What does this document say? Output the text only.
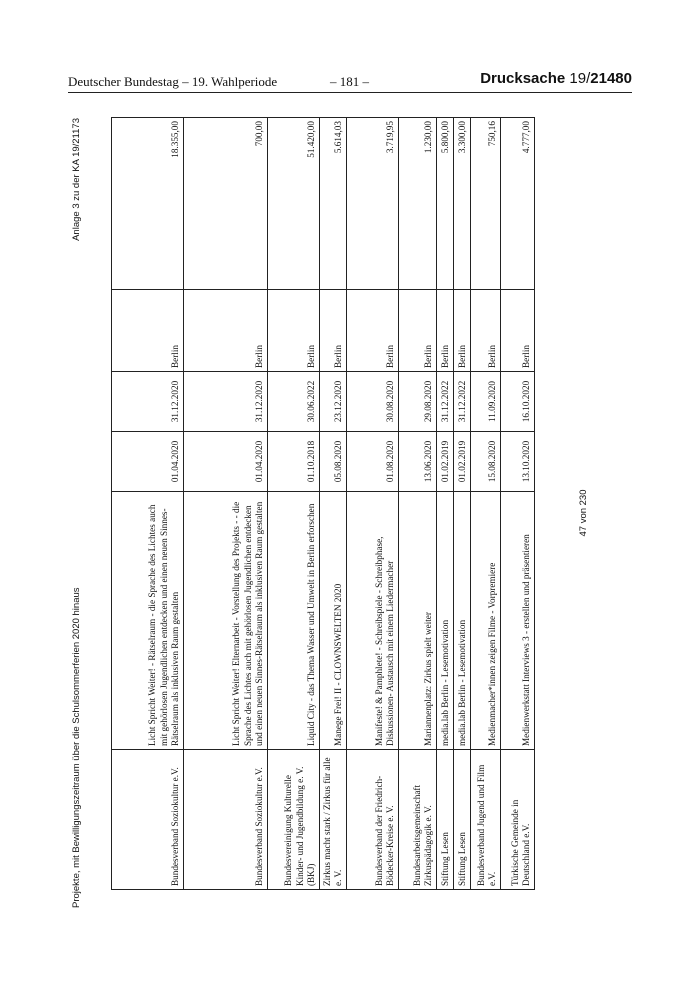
Deutscher Bundestag – 19. Wahlperiode	– 181 –	Drucksache 19/21480
Projekte, mit Bewilligungszeitraum über die Schulsommerferien 2020 hinaus
Anlage 3 zu der KA 19/21173
Bundesverband Soziokultur e.V.	Licht Spricht Weiter! - Rätselraum - die Sprache des Lichtes auch mit gehörlosen Jugendlichen entdecken und einen neuen Sinnes-Rätselraum als inklusiven Raum gestalten	01.04.2020	31.12.2020	Berlin	18.355,00
Bundesverband Soziokultur e.V.	Licht Spricht Weiter! Elternarbeit - Vorstellung des Projekts - - die Sprache des Lichtes auch mit gehörlosen Jugendlichen entdecken und einen neuen Sinnes-Rätselraum als inklusiven Raum gestalten	01.04.2020	31.12.2020	Berlin	700,00
Bundesvereinigung Kulturelle Kinder- und Jugendbildung e. V. (BKJ)	Liquid City - das Thema Wasser und Umwelt in Berlin erforschen	01.10.2018	30.06.2022	Berlin	51.420,00
Zirkus macht stark / Zirkus für alle e. V.	Manege Frei! II - CLOWNSWELTEN 2020	05.08.2020	23.12.2020	Berlin	5.614,03
Bundesverband der Friedrich-Bödecker-Kreise e. V.	Manifeste! & Pamphlete! - Schreibspiele - Schreibphase, Diskussionen- Austausch mit einem Liedermacher	01.08.2020	30.08.2020	Berlin	3.719,95
Bundesarbeitsgemeinschaft Zirkuspädagogik e. V.	Mariannenplatz: Zirkus spielt weiter	13.06.2020	29.08.2020	Berlin	1.230,00
Stiftung Lesen	media.lab Berlin - Lesemotivation	01.02.2019	31.12.2022	Berlin	5.800,00
Stiftung Lesen	media.lab Berlin - Lesemotivation	01.02.2019	31.12.2022	Berlin	3.300,00
Bundesverband Jugend und Film e.V.	Medienmacher*innen zeigen Filme - Vorpremiere	15.08.2020	11.09.2020	Berlin	750,16
Türkische Gemeinde in Deutschland e.V.	Medienwerkstatt Interviews 3 - erstellen und präsentieren	13.10.2020	16.10.2020	Berlin	4.777,00
47 von 230
